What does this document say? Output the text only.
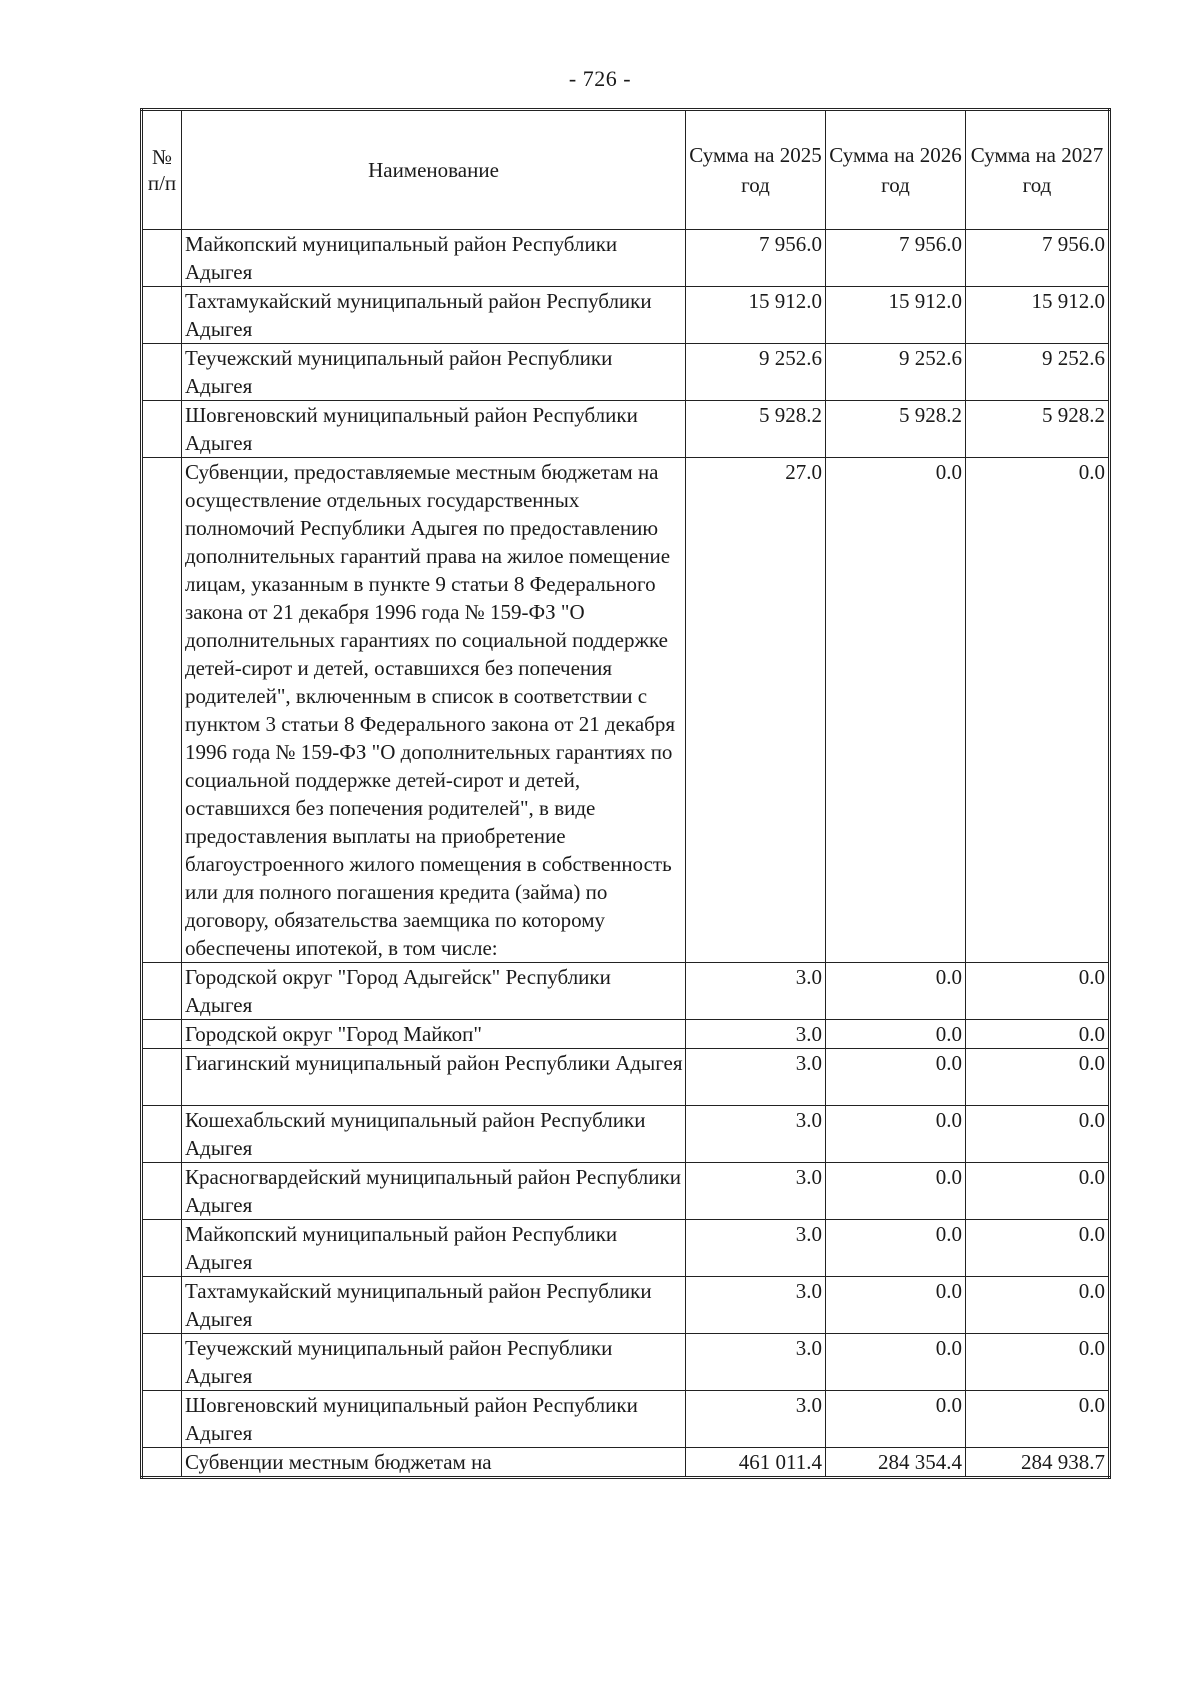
- 726 -
№ п/п	Наименование	Сумма на 2025 год	Сумма на 2026 год	Сумма на 2027 год
	Майкопский муниципальный район Республики Адыгея	7 956.0	7 956.0	7 956.0
	Тахтамукайский муниципальный район Республики Адыгея	15 912.0	15 912.0	15 912.0
	Теучежский муниципальный район Республики Адыгея	9 252.6	9 252.6	9 252.6
	Шовгеновский муниципальный район Республики Адыгея	5 928.2	5 928.2	5 928.2
	Субвенции, предоставляемые местным бюджетам на осуществление отдельных государственных полномочий Республики Адыгея по предоставлению дополнительных гарантий права на жилое помещение лицам, указанным в пункте 9 статьи 8 Федерального закона от 21 декабря 1996 года № 159-ФЗ "О дополнительных гарантиях по социальной поддержке детей-сирот и детей, оставшихся без попечения родителей", включенным в список в соответствии с пунктом 3 статьи 8 Федерального закона от 21 декабря 1996 года № 159-ФЗ "О дополнительных гарантиях по социальной поддержке детей-сирот и детей, оставшихся без попечения родителей", в виде предоставления выплаты на приобретение благоустроенного жилого помещения в собственность или для полного погашения кредита (займа) по договору, обязательства заемщика по которому обеспечены ипотекой, в том числе:	27.0	0.0	0.0
	Городской округ "Город Адыгейск" Республики Адыгея	3.0	0.0	0.0
	Городской округ "Город Майкоп"	3.0	0.0	0.0
	Гиагинский муниципальный район Республики Адыгея	3.0	0.0	0.0
	Кошехабльский муниципальный район Республики Адыгея	3.0	0.0	0.0
	Красногвардейский муниципальный район Республики Адыгея	3.0	0.0	0.0
	Майкопский муниципальный район Республики Адыгея	3.0	0.0	0.0
	Тахтамукайский муниципальный район Республики Адыгея	3.0	0.0	0.0
	Теучежский муниципальный район Республики Адыгея	3.0	0.0	0.0
	Шовгеновский муниципальный район Республики Адыгея	3.0	0.0	0.0
	Субвенции местным бюджетам на	461 011.4	284 354.4	284 938.7
